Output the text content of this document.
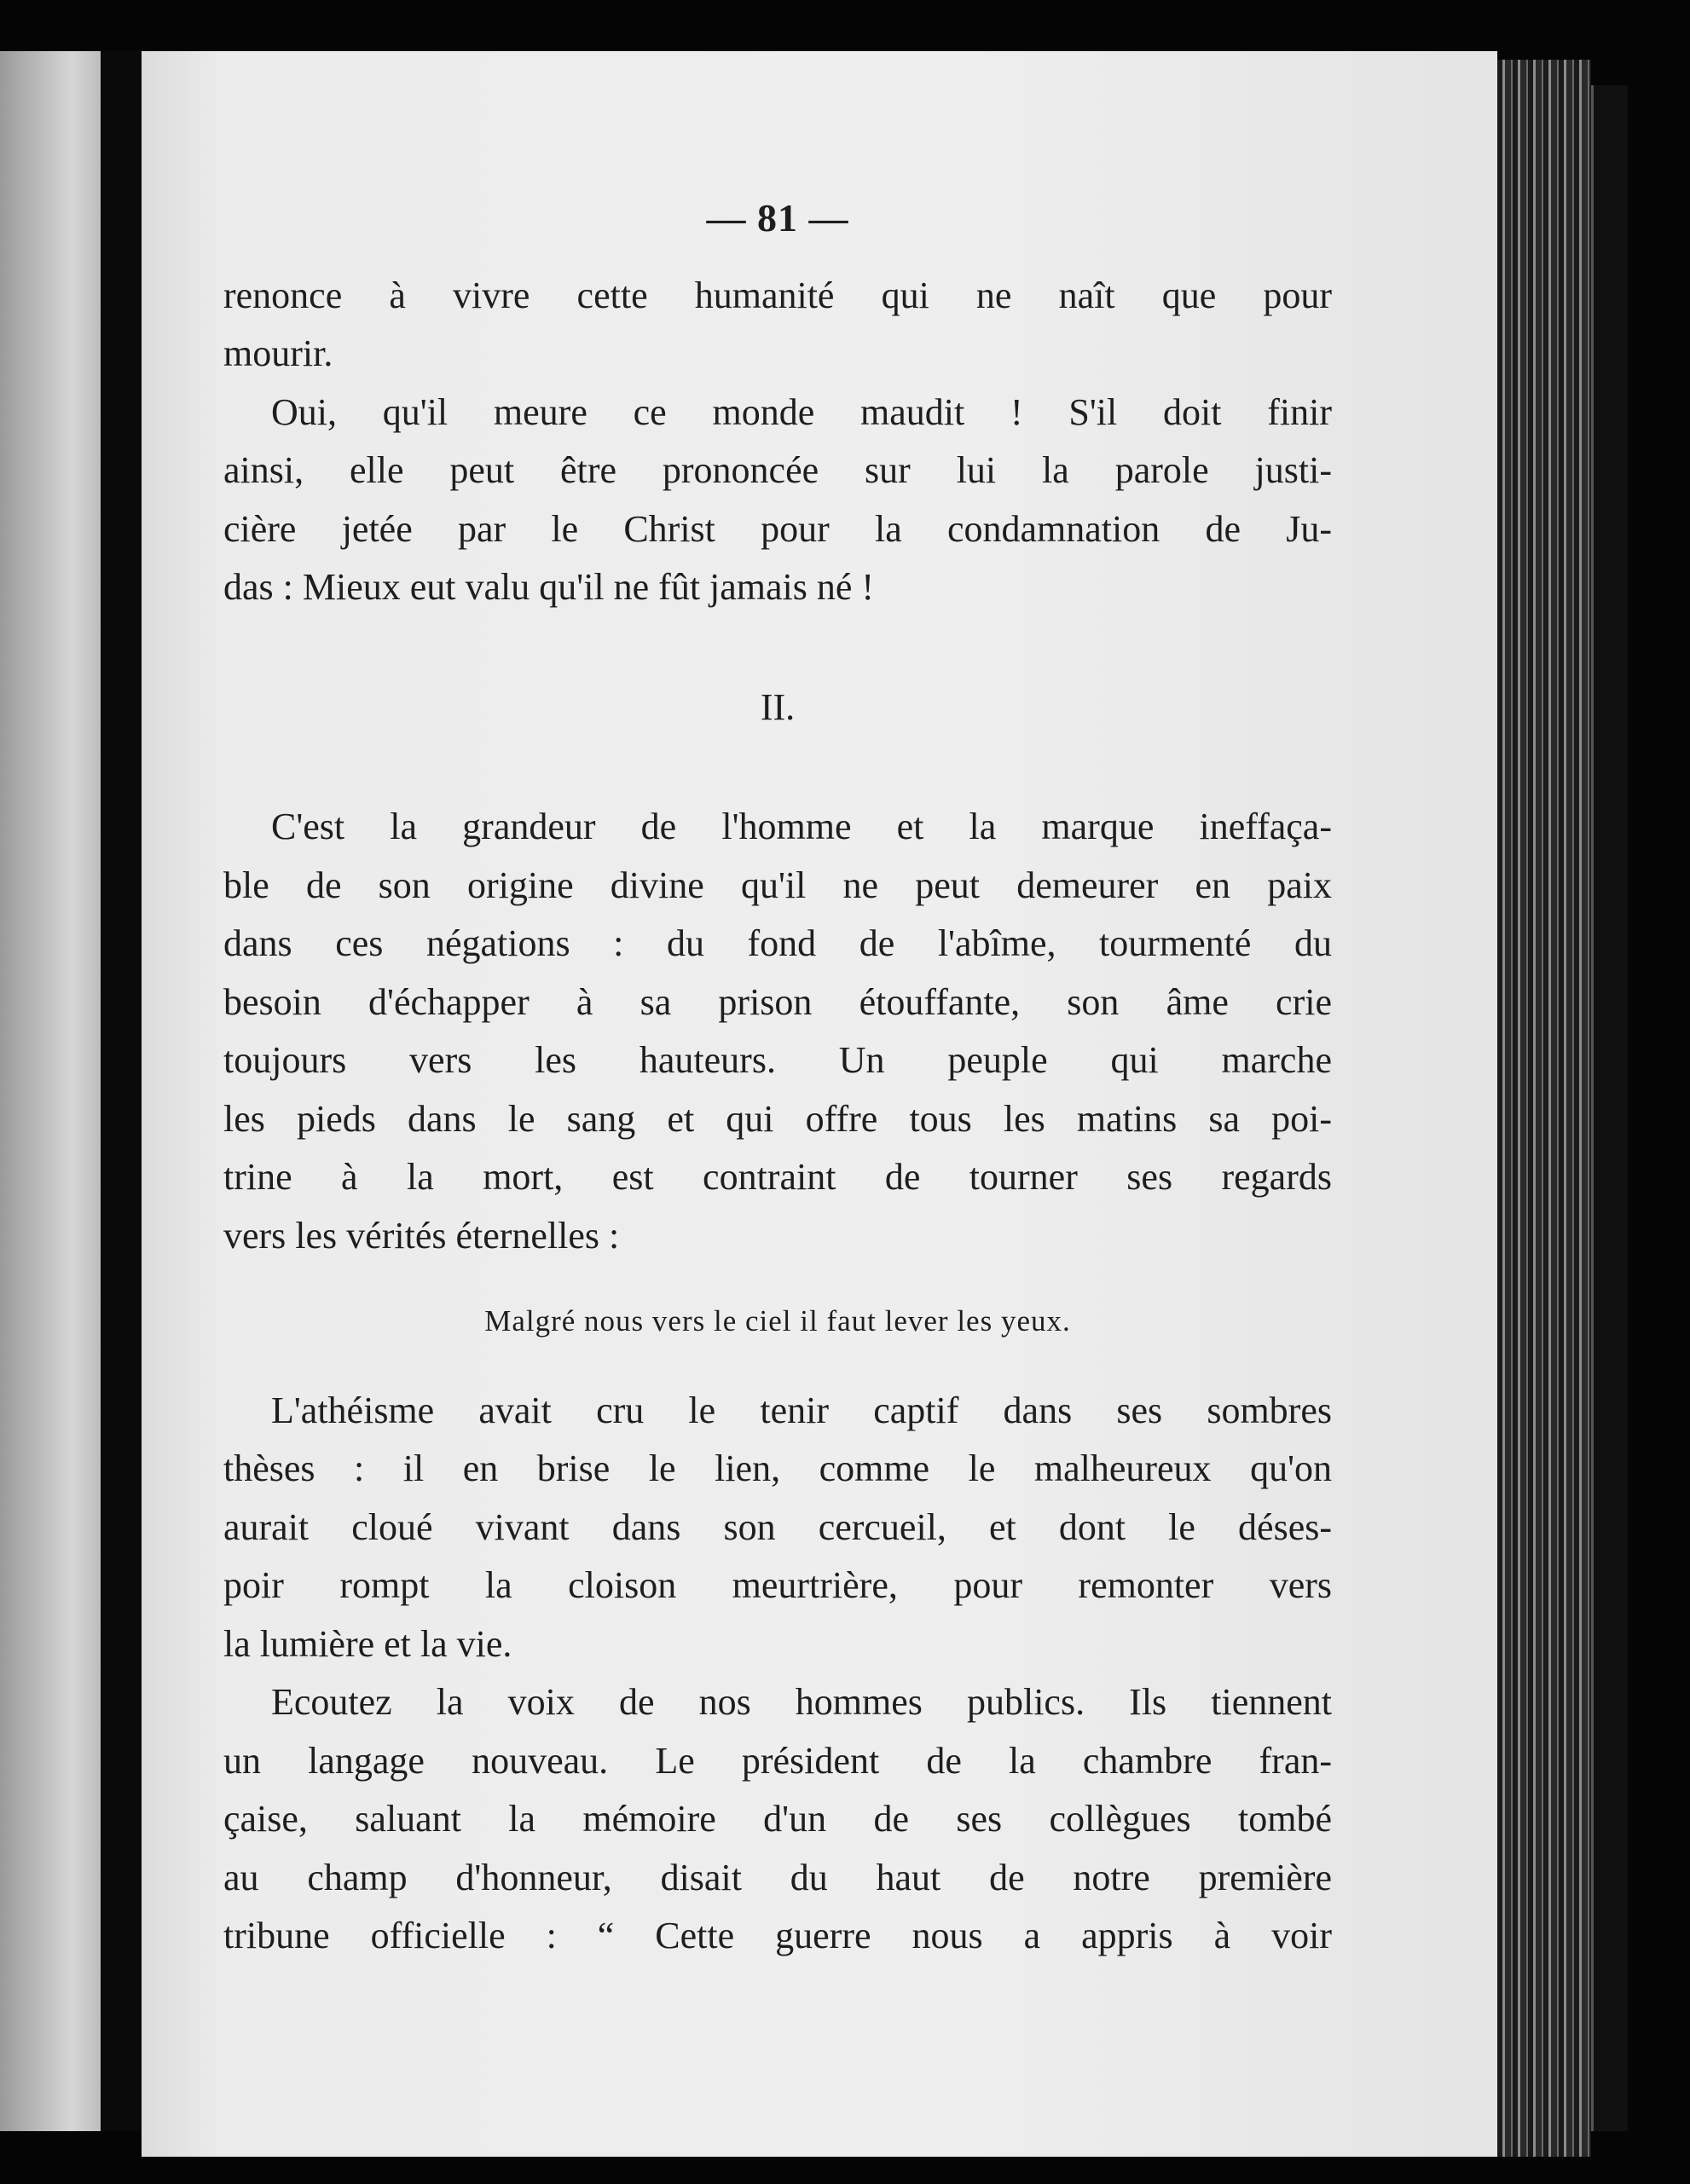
— 81 —

renonce à vivre cette humanité qui ne naît que pour
mourir.

Oui, qu'il meure ce monde maudit ! S'il doit finir
ainsi, elle peut être prononcée sur lui la parole justi-
cière jetée par le Christ pour la condamnation de Ju-
das : Mieux eut valu qu'il ne fût jamais né !

II.

C'est la grandeur de l'homme et la marque ineffaça-
ble de son origine divine qu'il ne peut demeurer en paix
dans ces négations : du fond de l'abîme, tourmenté du
besoin d'échapper à sa prison étouffante, son âme crie
toujours vers les hauteurs. Un peuple qui marche
les pieds dans le sang et qui offre tous les matins sa poi-
trine à la mort, est contraint de tourner ses regards
vers les vérités éternelles :

Malgré nous vers le ciel il faut lever les yeux.

L'athéisme avait cru le tenir captif dans ses sombres
thèses : il en brise le lien, comme le malheureux qu'on
aurait cloué vivant dans son cercueil, et dont le déses-
poir rompt la cloison meurtrière, pour remonter vers
la lumière et la vie.

Ecoutez la voix de nos hommes publics. Ils tiennent
un langage nouveau. Le président de la chambre fran-
çaise, saluant la mémoire d'un de ses collègues tombé
au champ d'honneur, disait du haut de notre première
tribune officielle : “ Cette guerre nous a appris à voir
